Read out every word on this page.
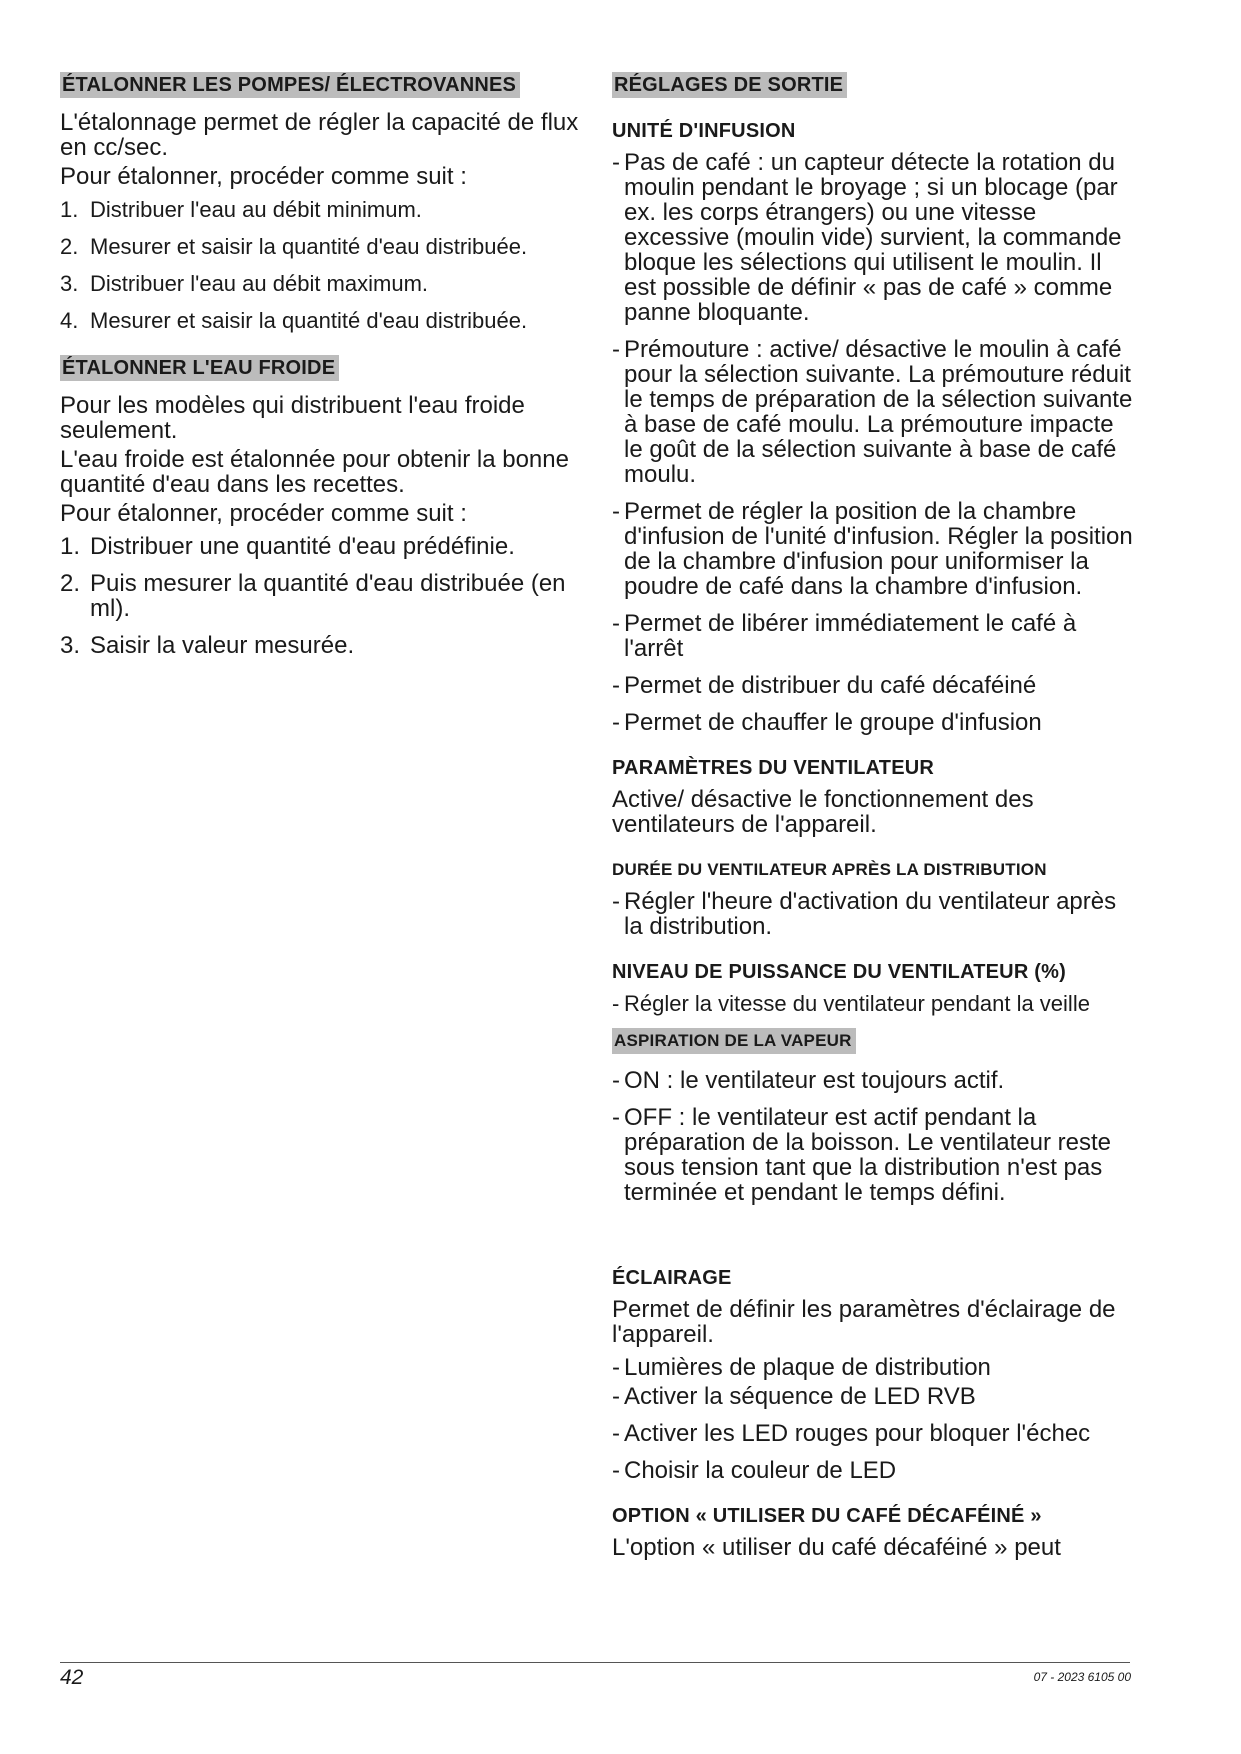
ÉTALONNER LES POMPES/ ÉLECTROVANNES

L'étalonnage permet de régler la capacité de flux en cc/sec.

Pour étalonner, procéder comme suit :

1. Distribuer l'eau au débit minimum.
2. Mesurer et saisir la quantité d'eau distribuée.
3. Distribuer l'eau au débit maximum.
4. Mesurer et saisir la quantité d'eau distribuée.
ÉTALONNER L'EAU FROIDE

Pour les modèles qui distribuent l'eau froide seulement.

L'eau froide est étalonnée pour obtenir la bonne quantité d'eau dans les recettes.

Pour étalonner, procéder comme suit :

1. Distribuer une quantité d'eau prédéfinie.
2. Puis mesurer la quantité d'eau distribuée (en ml).
3. Saisir la valeur mesurée.
RÉGLAGES DE SORTIE
UNITÉ D'INFUSION
- Pas de café : un capteur détecte la rotation du moulin pendant le broyage ; si un blocage (par ex. les corps étrangers) ou une vitesse excessive (moulin vide) survient, la commande bloque les sélections qui utilisent le moulin. Il est possible de définir « pas de café » comme panne bloquante.
- Prémouture : active/ désactive le moulin à café pour la sélection suivante. La prémouture réduit le temps de préparation de la sélection suivante à base de café moulu. La prémouture impacte le goût de la sélection suivante à base de café moulu.
- Permet de régler la position de la chambre d'infusion de l'unité d'infusion. Régler la position de la chambre d'infusion pour uniformiser la poudre de café dans la chambre d'infusion.
- Permet de libérer immédiatement le café à l'arrêt
- Permet de distribuer du café décaféiné
- Permet de chauffer le groupe d'infusion
PARAMÈTRES DU VENTILATEUR

Active/ désactive le fonctionnement des ventilateurs de l'appareil.

DURÉE DU VENTILATEUR APRÈS LA DISTRIBUTION
- Régler l'heure d'activation du ventilateur après la distribution.
NIVEAU DE PUISSANCE DU VENTILATEUR (%)
- Régler la vitesse du ventilateur pendant la veille
ASPIRATION DE LA VAPEUR
- ON : le ventilateur est toujours actif.
- OFF : le ventilateur est actif pendant la préparation de la boisson. Le ventilateur reste sous tension tant que la distribution n'est pas terminée et pendant le temps défini.
ÉCLAIRAGE

Permet de définir les paramètres d'éclairage de l'appareil.

- Lumières de plaque de distribution
- Activer la séquence de LED RVB
- Activer les LED rouges pour bloquer l'échec
- Choisir la couleur de LED
OPTION « UTILISER DU CAFÉ DÉCAFÉINÉ »

L'option « utiliser du café décaféiné » peut

42	07 - 2023 6105 00
